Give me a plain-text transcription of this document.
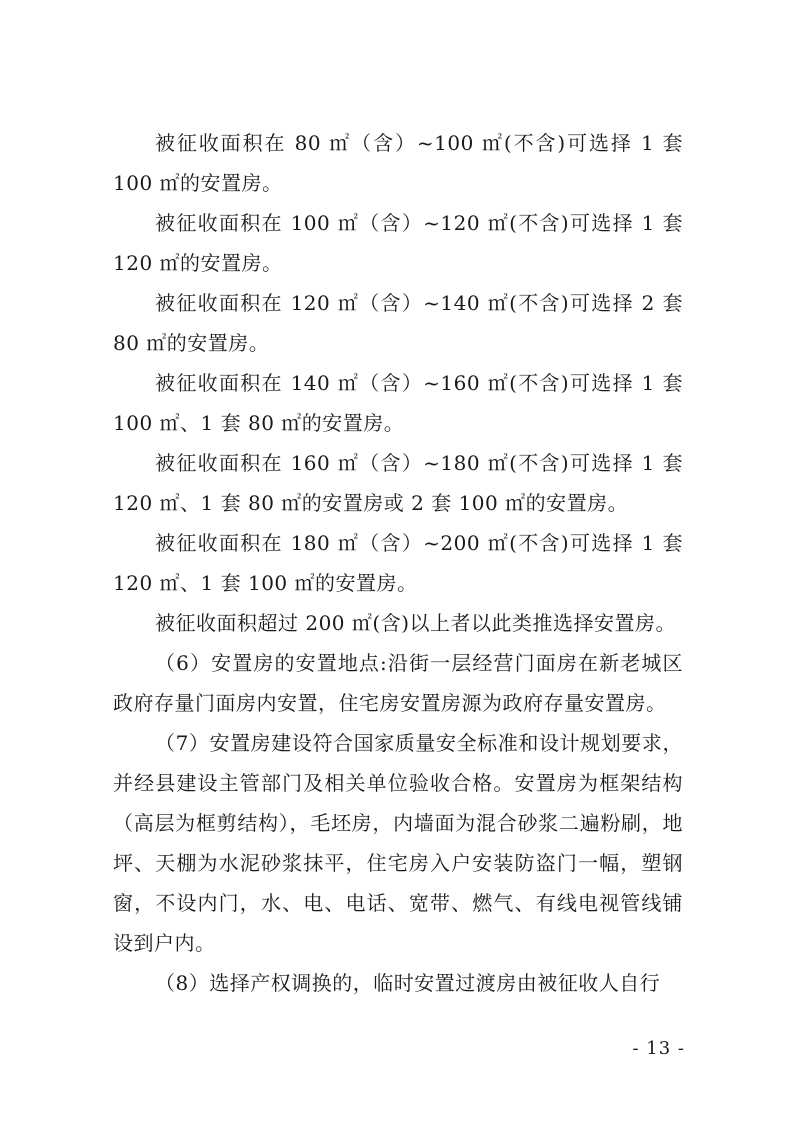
被征收面积在 80 ㎡（含）~100 ㎡(不含)可选择 1 套 100 ㎡的安置房。

被征收面积在 100 ㎡（含）~120 ㎡(不含)可选择 1 套 120 ㎡的安置房。

被征收面积在 120 ㎡（含）~140 ㎡(不含)可选择 2 套 80 ㎡的安置房。

被征收面积在 140 ㎡（含）~160 ㎡(不含)可选择 1 套 100 ㎡、1 套 80 ㎡的安置房。

被征收面积在 160 ㎡（含）~180 ㎡(不含)可选择 1 套 120 ㎡、1 套 80 ㎡的安置房或 2 套 100 ㎡的安置房。

被征收面积在 180 ㎡（含）~200 ㎡(不含)可选择 1 套 120 ㎡、1 套 100 ㎡的安置房。

被征收面积超过 200 ㎡(含)以上者以此类推选择安置房。

（6）安置房的安置地点:沿街一层经营门面房在新老城区政府存量门面房内安置，住宅房安置房源为政府存量安置房。

（7）安置房建设符合国家质量安全标准和设计规划要求，并经县建设主管部门及相关单位验收合格。安置房为框架结构（高层为框剪结构），毛坯房，内墙面为混合砂浆二遍粉刷，地坪、天棚为水泥砂浆抹平，住宅房入户安装防盗门一幅，塑钢窗，不设内门，水、电、电话、宽带、燃气、有线电视管线铺设到户内。

（8）选择产权调换的，临时安置过渡房由被征收人自行

- 13 -
